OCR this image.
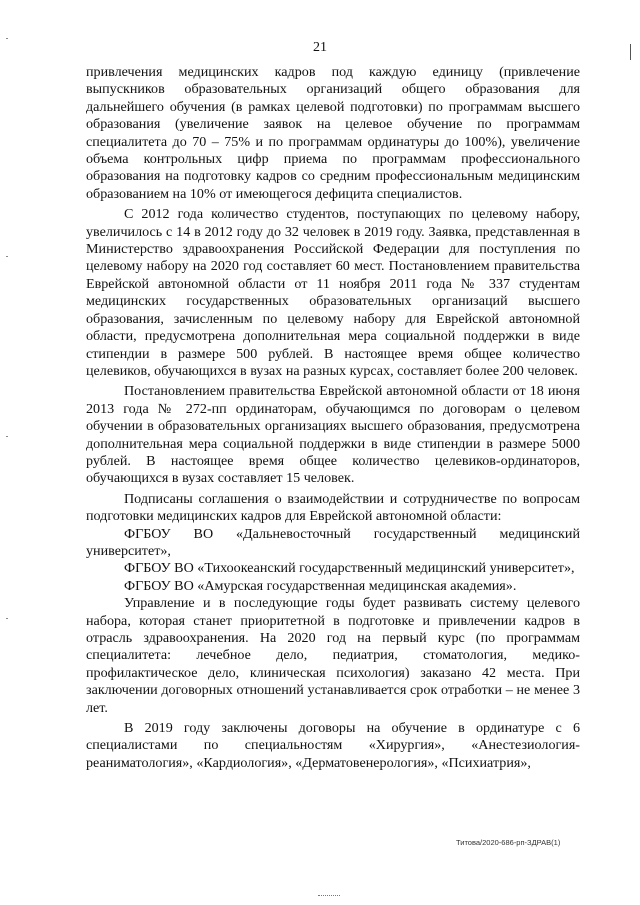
21

привлечения медицинских кадров под каждую единицу (привлечение выпускников образовательных организаций общего образования для дальнейшего обучения (в рамках целевой подготовки) по программам высшего образования (увеличение заявок на целевое обучение по программам специалитета до 70 – 75% и по программам ординатуры до 100%), увеличение объема контрольных цифр приема по программам профессионального образования на подготовку кадров со средним профессиональным медицинским образованием на 10% от имеющегося дефицита специалистов.

С 2012 года количество студентов, поступающих по целевому набору, увеличилось с 14 в 2012 году до 32 человек в 2019 году. Заявка, представленная в Министерство здравоохранения Российской Федерации для поступления по целевому набору на 2020 год составляет 60 мест. Постановлением правительства Еврейской автономной области от 11 ноября 2011 года № 337 студентам медицинских государственных образовательных организаций высшего образования, зачисленным по целевому набору для Еврейской автономной области, предусмотрена дополнительная мера социальной поддержки в виде стипендии в размере 500 рублей. В настоящее время общее количество целевиков, обучающихся в вузах на разных курсах, составляет более 200 человек.

Постановлением правительства Еврейской автономной области от 18 июня 2013 года № 272-пп ординаторам, обучающимся по договорам о целевом обучении в образовательных организациях высшего образования, предусмотрена дополнительная мера социальной поддержки в виде стипендии в размере 5000 рублей. В настоящее время общее количество целевиков-ординаторов, обучающихся в вузах составляет 15 человек.

Подписаны соглашения о взаимодействии и сотрудничестве по вопросам подготовки медицинских кадров для Еврейской автономной области:

ФГБОУ ВО «Дальневосточный государственный медицинский университет»,

ФГБОУ ВО «Тихоокеанский государственный медицинский университет»,

ФГБОУ ВО «Амурская государственная медицинская академия».

Управление и в последующие годы будет развивать систему целевого набора, которая станет приоритетной в подготовке и привлечении кадров в отрасль здравоохранения. На 2020 год на первый курс (по программам специалитета: лечебное дело, педиатрия, стоматология, медико-профилактическое дело, клиническая психология) заказано 42 места. При заключении договорных отношений устанавливается срок отработки – не менее 3 лет.

В 2019 году заключены договоры на обучение в ординатуре с 6 специалистами по специальностям «Хирургия», «Анестезиология-реаниматология», «Кардиология», «Дерматовенерология», «Психиатрия»,

Титова/2020-686-рп-ЗДРАВ(1)
